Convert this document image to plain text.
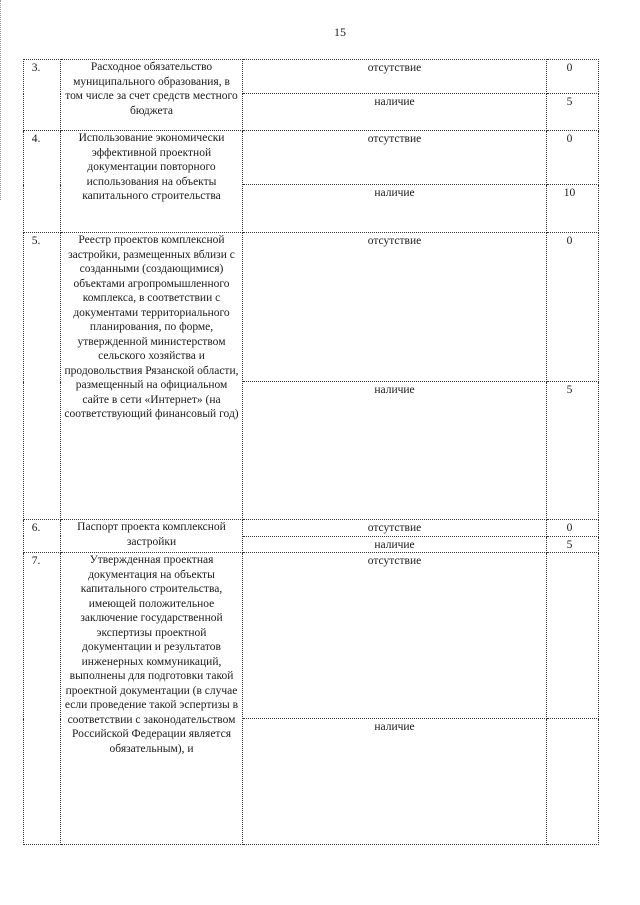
15
3.	Расходное обязательство муниципального образования, в том числе за счет средств местного бюджета	отсутствие	0
		наличие	5
4.	Использование экономически эффективной проектной документации повторного использования на объекты капитального строительства	отсутствие	0
		наличие	10
5.	Реестр проектов комплексной застройки, размещенных вблизи с созданными (создающимися) объектами агропромышленного комплекса, в соответствии с документами территориального планирования, по форме, утвержденной министерством сельского хозяйства и продовольствия Рязанской области, размещенный на официальном сайте в сети «Интернет» (на соответствующий финансовый год)	отсутствие	0
		наличие	5
6.	Паспорт проекта комплексной застройки	отсутствие	0
		наличие	5
7.	Утвержденная проектная документация на объекты капитального строительства, имеющей положительное заключение государственной экспертизы проектной документации и результатов инженерных коммуникаций, выполнены для подготовки такой проектной документации (в случае если проведение такой эспертизы в соответствии с законодательством Российской Федерации является обязательным), и	отсутствие	
		наличие	
